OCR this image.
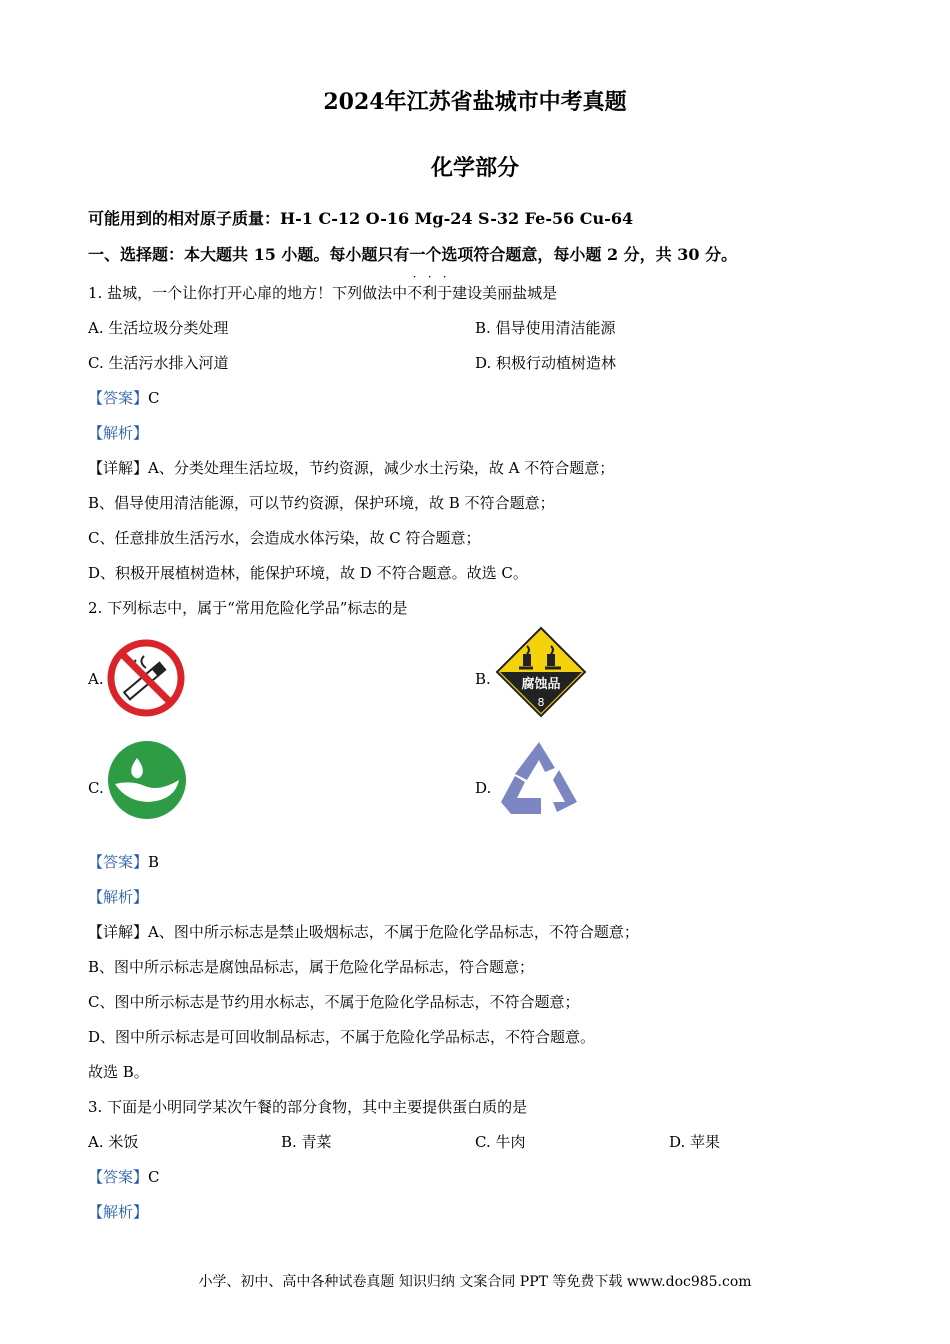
2024年江苏省盐城市中考真题
化学部分
可能用到的相对原子质量：H-1 C-12 O-16 Mg-24 S-32 Fe-56 Cu-64
一、选择题：本大题共 15 小题。每小题只有一个选项符合题意，每小题 2 分，共 30 分。
1. 盐城，一个让你打开心扉的地方！下列做法中不利于建设美丽盐城是
A. 生活垃圾分类处理	B. 倡导使用清洁能源
C. 生活污水排入河道	D. 积极行动植树造林
【答案】C
【解析】
【详解】A、分类处理生活垃圾，节约资源，减少水土污染，故 A 不符合题意；
B、倡导使用清洁能源，可以节约资源，保护环境，故 B 不符合题意；
C、任意排放生活污水，会造成水体污染，故 C 符合题意；
D、积极开展植树造林，能保护环境，故 D 不符合题意。故选 C。
2. 下列标志中，属于“常用危险化学品”标志的是
A.	B. 腐蚀品
8
C.	D.
【答案】B
【解析】
【详解】A、图中所示标志是禁止吸烟标志，不属于危险化学品标志，不符合题意；
B、图中所示标志是腐蚀品标志，属于危险化学品标志，符合题意；
C、图中所示标志是节约用水标志，不属于危险化学品标志，不符合题意；
D、图中所示标志是可回收制品标志，不属于危险化学品标志，不符合题意。
故选 B。
3. 下面是小明同学某次午餐的部分食物，其中主要提供蛋白质的是
A. 米饭	B. 青菜	C. 牛肉	D. 苹果
【答案】C
【解析】
小学、初中、高中各种试卷真题 知识归纳 文案合同 PPT 等免费下载 www.doc985.com
